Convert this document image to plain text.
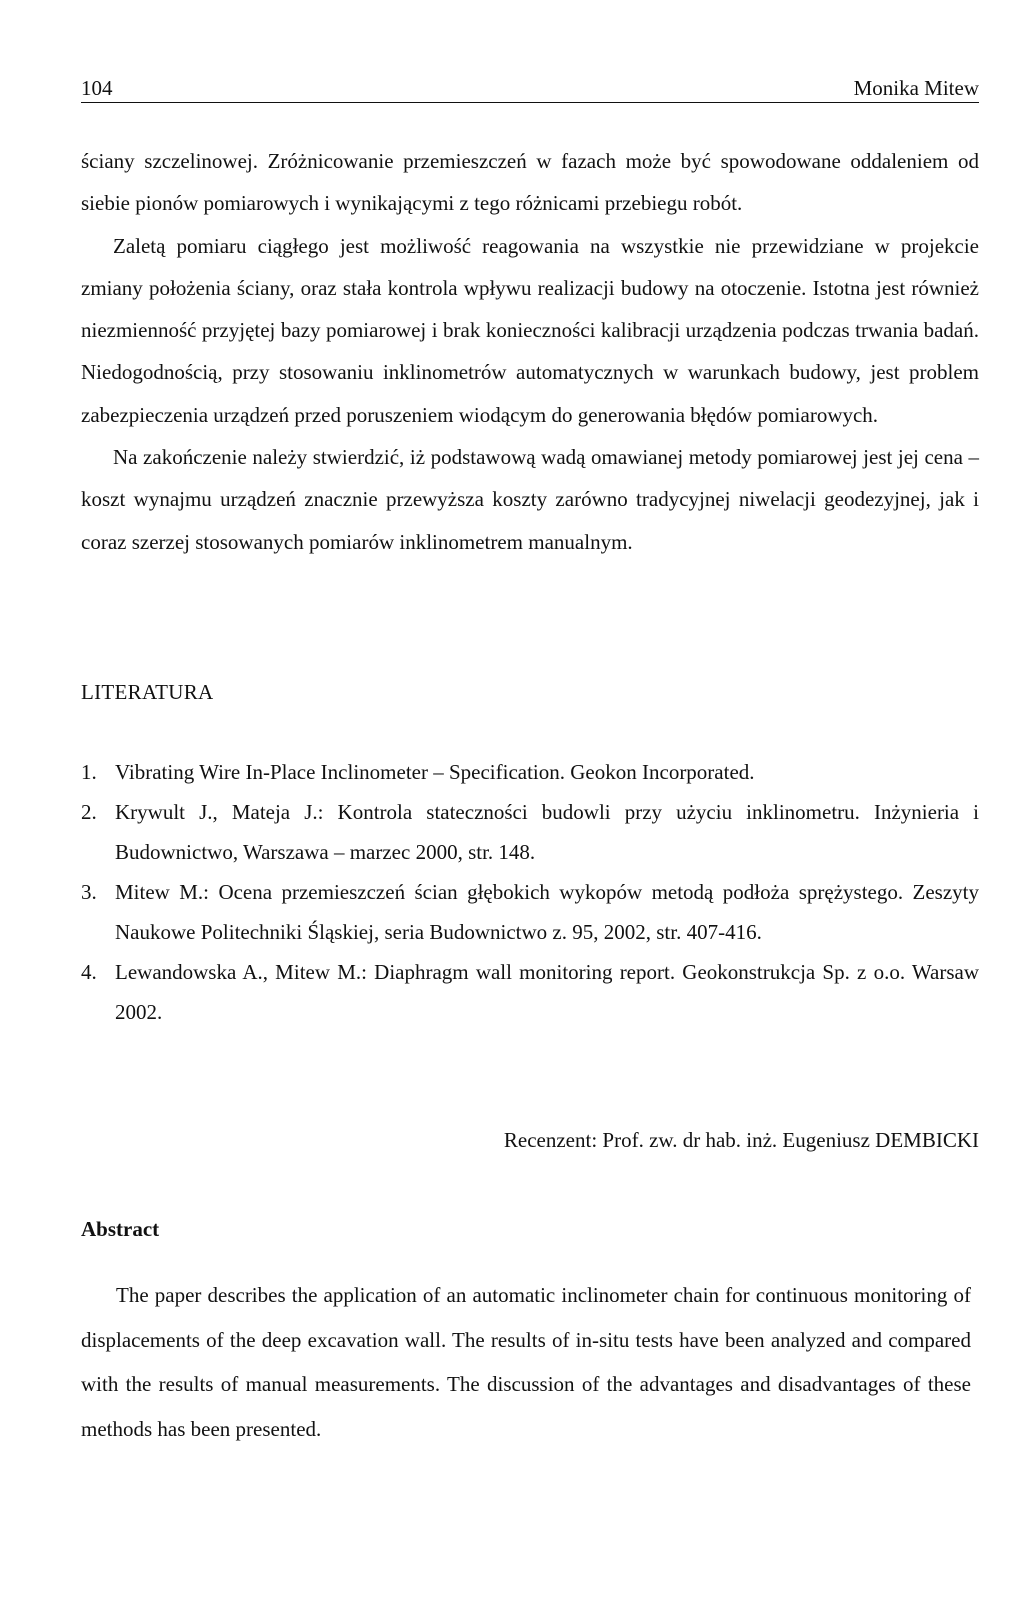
104	Monika Mitew

ściany szczelinowej. Zróżnicowanie przemieszczeń w fazach może być spowodowane oddaleniem od siebie pionów pomiarowych i wynikającymi z tego różnicami przebiegu robót.

Zaletą pomiaru ciągłego jest możliwość reagowania na wszystkie nie przewidziane w projekcie zmiany położenia ściany, oraz stała kontrola wpływu realizacji budowy na otoczenie. Istotna jest również niezmienność przyjętej bazy pomiarowej i brak konieczności kalibracji urządzenia podczas trwania badań. Niedogodnością, przy stosowaniu inklinometrów automatycznych w warunkach budowy, jest problem zabezpieczenia urządzeń przed poruszeniem wiodącym do generowania błędów pomiarowych.

Na zakończenie należy stwierdzić, iż podstawową wadą omawianej metody pomiarowej jest jej cena – koszt wynajmu urządzeń znacznie przewyższa koszty zarówno tradycyjnej niwelacji geodezyjnej, jak i coraz szerzej stosowanych pomiarów inklinometrem manualnym.

LITERATURA
1. Vibrating Wire In-Place Inclinometer – Specification. Geokon Incorporated.
2. Krywult J., Mateja J.: Kontrola stateczności budowli przy użyciu inklinometru. Inżynieria i Budownictwo, Warszawa – marzec 2000, str. 148.
3. Mitew M.: Ocena przemieszczeń ścian głębokich wykopów metodą podłoża sprężystego. Zeszyty Naukowe Politechniki Śląskiej, seria Budownictwo z. 95, 2002, str. 407-416.
4. Lewandowska A., Mitew M.: Diaphragm wall monitoring report. Geokonstrukcja Sp. z o.o. Warsaw 2002.
Recenzent: Prof. zw. dr hab. inż. Eugeniusz DEMBICKI
Abstract

The paper describes the application of an automatic inclinometer chain for continuous monitoring of displacements of the deep excavation wall. The results of in-situ tests have been analyzed and compared with the results of manual measurements. The discussion of the advantages and disadvantages of these methods has been presented.
